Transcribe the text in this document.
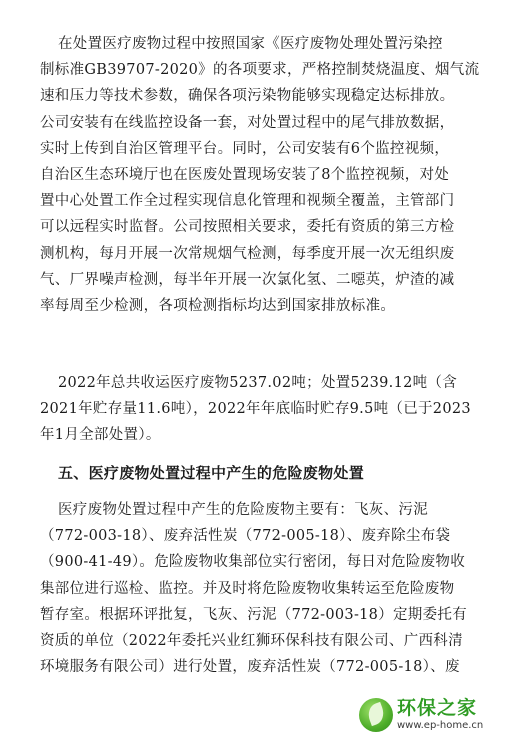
在处置医疗废物过程中按照国家《医疗废物处理处置污染控
制标准GB39707-2020》的各项要求，严格控制焚烧温度、烟气流
速和压力等技术参数，确保各项污染物能够实现稳定达标排放。
公司安装有在线监控设备一套，对处置过程中的尾气排放数据，
实时上传到自治区管理平台。同时，公司安装有6个监控视频，
自治区生态环境厅也在医废处置现场安装了8个监控视频，对处
置中心处置工作全过程实现信息化管理和视频全覆盖，主管部门
可以远程实时监督。公司按照相关要求，委托有资质的第三方检
测机构，每月开展一次常规烟气检测，每季度开展一次无组织废
气、厂界噪声检测，每半年开展一次氯化氢、二噁英，炉渣的减
率每周至少检测，各项检测指标均达到国家排放标准。
2022年总共收运医疗废物5237.02吨；处置5239.12吨（含
2021年贮存量11.6吨），2022年年底临时贮存9.5吨（已于2023
年1月全部处置）。
五、医疗废物处置过程中产生的危险废物处置
医疗废物处置过程中产生的危险废物主要有：飞灰、污泥
（772-003-18）、废弃活性炭（772-005-18）、废弃除尘布袋
（900-41-49）。危险废物收集部位实行密闭，每日对危险废物收
集部位进行巡检、监控。并及时将危险废物收集转运至危险废物
暂存室。根据环评批复，飞灰、污泥（772-003-18）定期委托有
资质的单位（2022年委托兴业红狮环保科技有限公司、广西科清
环境服务有限公司）进行处置，废弃活性炭（772-005-18）、废
环保之家
www.ep-home.cn
